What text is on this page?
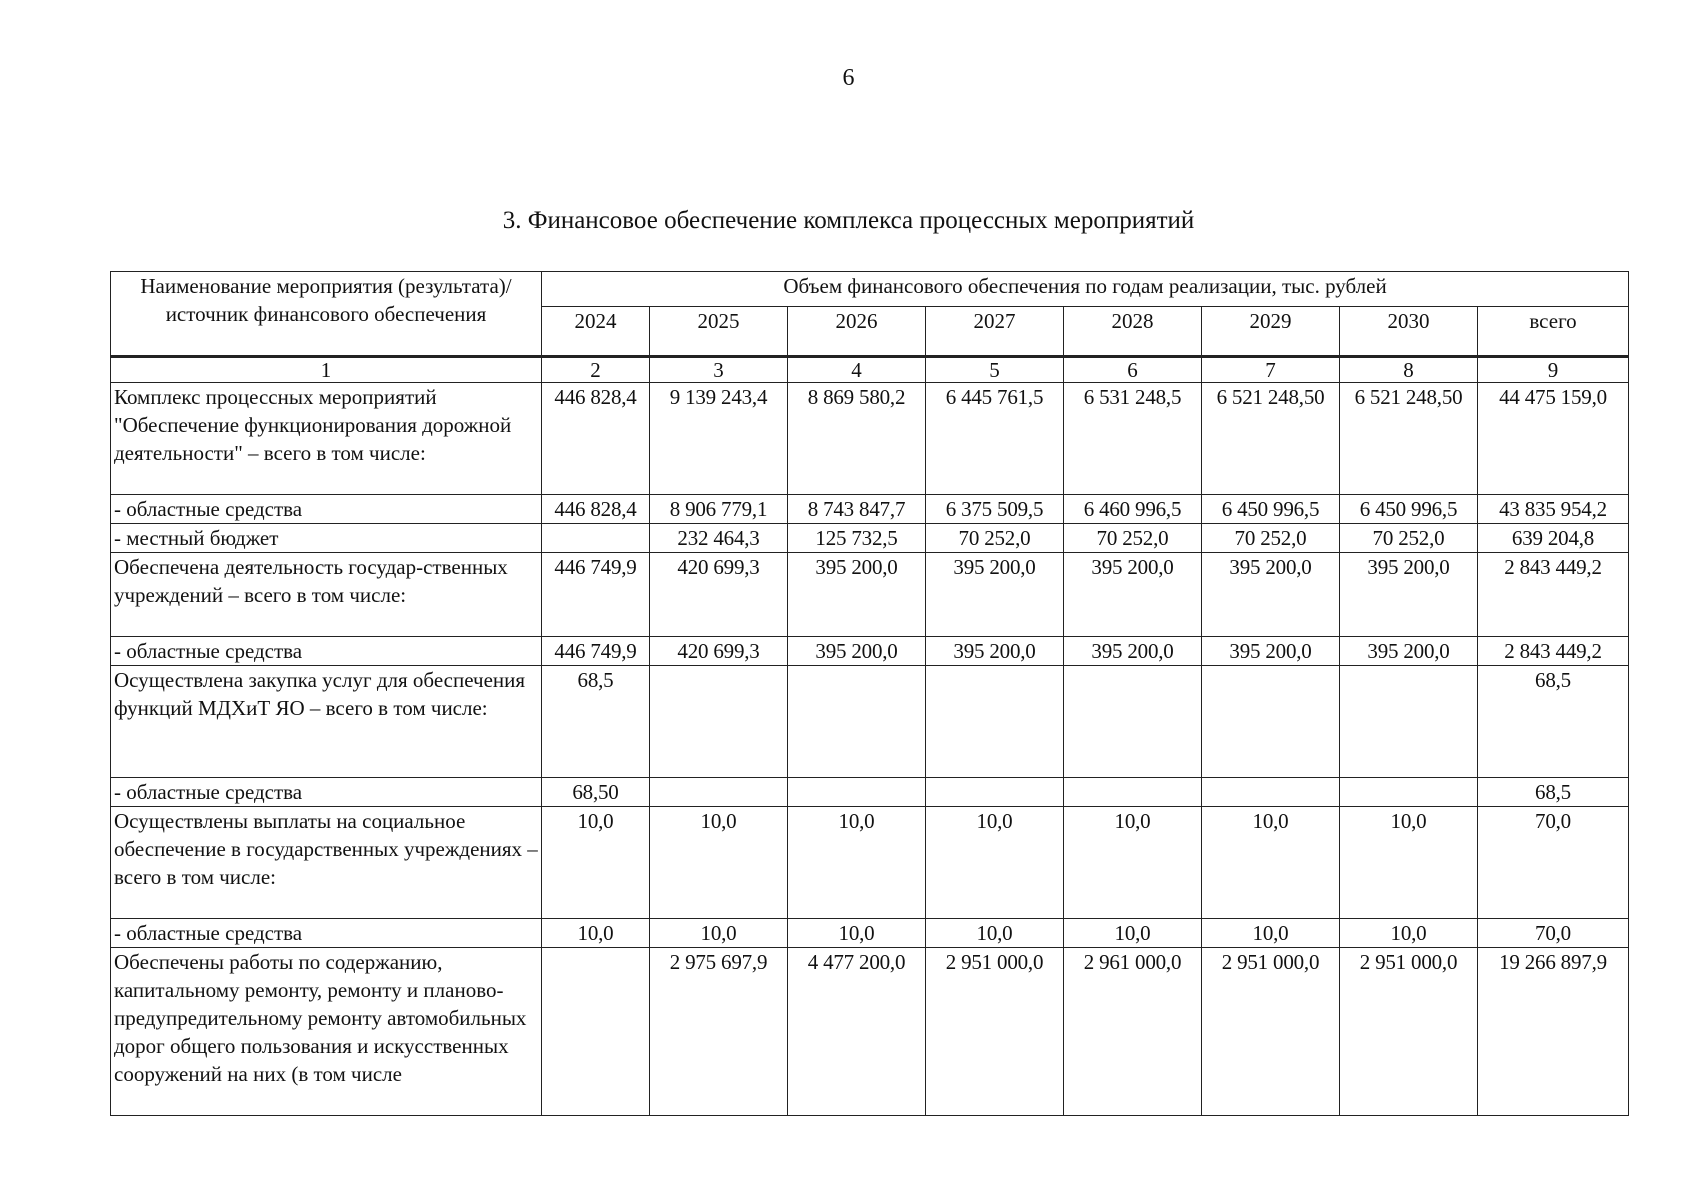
6
3. Финансовое обеспечение комплекса процессных мероприятий
Наименование мероприятия (результата)/ источник финансового обеспечения	Объем финансового обеспечения по годам реализации, тыс. рублей							
	2024	2025	2026	2027	2028	2029	2030	всего
1	2	3	4	5	6	7	8	9
Комплекс процессных мероприятий "Обеспечение функционирования дорожной деятельности" – всего в том числе:	446 828,4	9 139 243,4	8 869 580,2	6 445 761,5	6 531 248,5	6 521 248,50	6 521 248,50	44 475 159,0
- областные средства	446 828,4	8 906 779,1	8 743 847,7	6 375 509,5	6 460 996,5	6 450 996,5	6 450 996,5	43 835 954,2
- местный бюджет		232 464,3	125 732,5	70 252,0	70 252,0	70 252,0	70 252,0	639 204,8
Обеспечена деятельность государ-ственных учреждений – всего в том числе:	446 749,9	420 699,3	395 200,0	395 200,0	395 200,0	395 200,0	395 200,0	2 843 449,2
- областные средства	446 749,9	420 699,3	395 200,0	395 200,0	395 200,0	395 200,0	395 200,0	2 843 449,2
Осуществлена закупка услуг для обеспечения функций МДХиТ ЯО – всего в том числе:	68,5							68,5
- областные средства	68,50							68,5
Осуществлены выплаты на социальное обеспечение в государственных учреждениях – всего в том числе:	10,0	10,0	10,0	10,0	10,0	10,0	10,0	70,0
- областные средства	10,0	10,0	10,0	10,0	10,0	10,0	10,0	70,0
Обеспечены работы по содержанию, капитальному ремонту, ремонту и планово-предупредительному ремонту автомобильных дорог общего пользования и искусственных сооружений на них (в том числе		2 975 697,9	4 477 200,0	2 951 000,0	2 961 000,0	2 951 000,0	2 951 000,0	19 266 897,9
